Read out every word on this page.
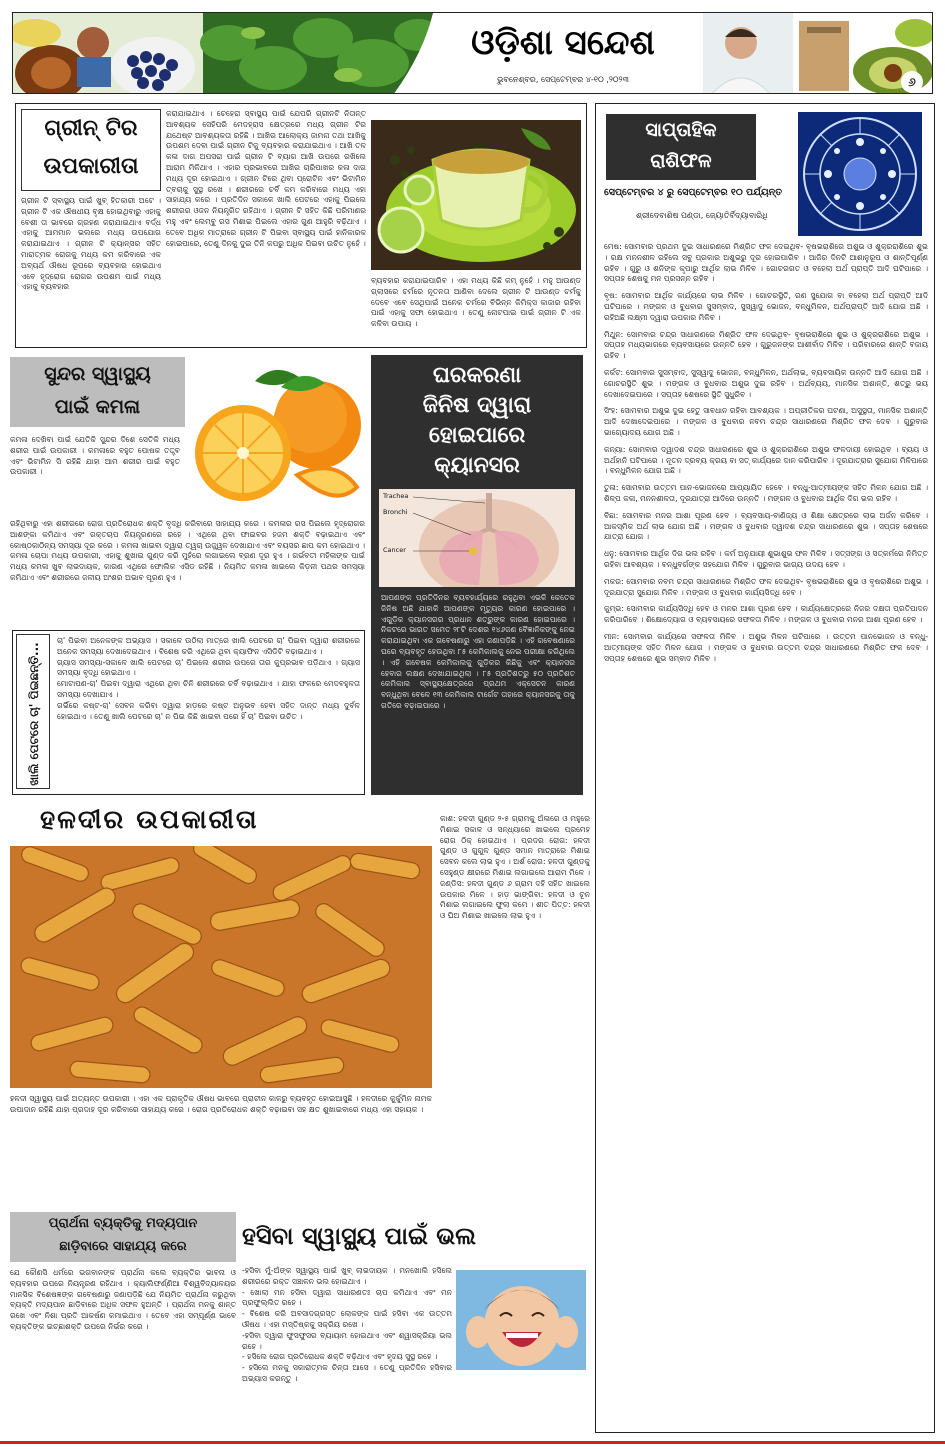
ଓଡ଼ିଶା ସନ୍ଦେଶ
ଭୁବନେଶ୍ବର, ସେପ୍ଟେମ୍ବର ୪-୧୦ ,୨୦୨୩	୬
ଗ୍ରୀନ୍ ଟିର
ଉପକାରୀତା
ଗ୍ରୀନ ଟି ସ୍ବାସ୍ଥ୍ୟ ପାଇଁ ଖୁବ୍ ହିତକାରୀ ଅଟେ । ଗ୍ରୀନ ଟି ଏକ ଔଷଧୀୟ ବୃକ୍ଷ ହୋଇଥିବାରୁ ଏହାକୁ ବେଶୀ ତା ଭାବରେ ଗ୍ରହଣ କରାଯାଇଥାଏ ବର୍ଦ୍ଧ ଏହାକୁ ଆମମାନ ଭଲରେ ମଧ୍ୟ ଉପଯୋଗ କରାଯାଇଥାଏ । ଗ୍ରୀନ ଟି କ୍ୟାନ୍ସର ସହିତ ମାରାତ୍ମକ ରୋଗକୁ ମଧ୍ୟ କମ କରିବାରେ ଏକ ଅବ୍ୟର୍ଥ ଔଷଧ ରୂପରେ ବ୍ୟବହାର ହୋଇଥାଏ ଏବେ ହୃଦ୍‌ରୋଗ ରୋଗର ଉପଶମ ପାଇଁ ମଧ୍ୟ ଏହାକୁ ବ୍ୟବହାର
କରାଯାଇଥାଏ । ଚେହେରା ସ୍ବାସ୍ଥ୍ୟ ପାଇଁ ଯେପରି ଗ୍ରୀନଟି ନିତାନ୍ତ ଆବଶ୍ୟକ ସେହିପରି ମେଦହ୍ରାସ କ୍ଷେତ୍ରରେ ମଧ୍ୟ ଗ୍ରୀନ ଟିର ଯଥେଷ୍ଟ ଆବଶ୍ୟକତା ରହିଛି । ଆଖିର ଆଲୋକ୍ୟ ଜାମନା ତଥା ଆଖିକୁ ଉପଶମ ଦେବା ପାଇଁ ଗ୍ରୀନ ଟିକୁ ବ୍ୟବହାର କରାଯାଇଥାଏ । ଆଖି ତଳ କଳା ଦାଗ ଅପସରା ପାଇଁ ଗ୍ରୀନ ଟି ବ୍ୟାଗ ଆଖି ଉପରେ ରଖିଲେ ଆରାମ ମିଳିଥାଏ । ଏହାର ପ୍ରଭାବରେ ଆଖିର ଚାରିପାଖର କଳା ଦାଗ ମଧ୍ୟ ଦୂର ହୋଇଥାଏ । ଗ୍ରୀନ ଟିରେ ଥିବା ପ୍ରୋଟିନ ଏବଂ ଭିଟାମିନ ତ୍ବଚାକୁ ସୁସ୍ଥ ରଖେ । ଶରୀରରେ ଚର୍ବି କମ କରିବାରେ ମଧ୍ୟ ଏହା ସାହାଯ୍ୟ କରେ । ପ୍ରତିଦିନ ସକାଳେ ଖାଲି ପେଟରେ ଏହାକୁ ପିଇଲେ ଶରୀରର ଓଜନ ନିୟନ୍ତ୍ରିତ ରହିଥାଏ । ଗ୍ରୀନ ଟି ସହିତ କିଛି ପରିମାଣର ମହୁ ଏବଂ ଲେମ୍ବୁ ରସ ମିଶାଇ ପିଇଲେ ଏହାର ଗୁଣ ଆହୁରି ବଢ଼ିଥାଏ । ତେବେ ଅଧିକ ମାତ୍ରାରେ ଗ୍ରୀନ ଟି ପିଇବା ସ୍ବାସ୍ଥ୍ୟ ପାଇଁ ହାନିକାରକ ହୋଇପାରେ, ତେଣୁ ଦିନକୁ ଦୁଇ ତିନି କପରୁ ଅଧିକ ପିଇବା ଉଚିତ ନୁହେଁ ।
ବ୍ୟବହାର କରାଯାଇପାରିବ । ଏହା ମଧ୍ୟ କିଛି କମ୍ ନୁହେଁ । ମହୁ ଆଉଣ୍ଡ ଗ୍ଲାସରେ ଚର୍ମରେ ନୂତନତା ଆଣିବା ଦେଲେ ଗ୍ରୀନ ଟି ଆଉଣ୍ଡ ଚର୍ମକୁ ଦେବେ ଏବେ ସେଥିପାଇଁ ଅନେକ ଚର୍ମରେ ବିଭିନ୍ନ କିମିକ୍ସ କାଜାର ରହିବା ପାଇଁ ଏହାକୁ ସଫା ହୋଇଥାଏ । ତେଣୁ ନୋଟପାଇ ପାଇଁ ଗ୍ରୀନ ଟି ଏକ କଳିବା ଉପାୟ ।
ସୁନ୍ଦର ସ୍ୱାସ୍ଥ୍ୟ
ପାଇଁ କମଳା
କମଳା ଦେଖିବା ପାଇଁ ଯେତିକି ସୁନ୍ଦର ଦିଶେ ସେତିକି ମଧ୍ୟ ଶରୀର ପାଇଁ ଉପକାରୀ । କମଳାରେ ବହୁତ ପୋଷକ ତତ୍ତ୍ବ ଏବଂ ଭିଟାମିନ ସି ରହିଛି ଯାହା ଆମ ଶରୀର ପାଇଁ ବହୁତ ଉପକାରୀ ।
ରହିଥିବାରୁ ଏହା ଶରୀରରେ ରୋଗ ପ୍ରତିରୋଧକ ଶକ୍ତି ବୃଦ୍ଧି କରିବାରେ ସାହାଯ୍ୟ କରେ । କମଳାର ରସ ପିଇଲେ ହୃଦ୍‌ରୋଗର ଆଶଙ୍କା କମିଥାଏ ଏବଂ ରକ୍ତଚାପ ନିୟନ୍ତ୍ରଣରେ ରହେ । ଏଥିରେ ଥିବା ଫାଇବର ହଜମ ଶକ୍ତି ବଢ଼ାଇଥାଏ ଏବଂ କୋଷ୍ଠକାଠିନ୍ୟ ସମସ୍ୟା ଦୂର କରେ । କମଳା ଖାଇବା ଦ୍ୱାରା ତ୍ୱଚା ଉଜ୍ଜ୍ୱଳ ଦେଖାଯାଏ ଏବଂ ବୟସର ଛାପ କମ ହୋଇଥାଏ । କମଳା ଚୋପା ମଧ୍ୟ ଉପକାରୀ, ଏହାକୁ ଶୁଖାଇ ଗୁଣ୍ଡ କରି ମୁହଁରେ ଲଗାଇଲେ ବ୍ରଣ ଦୂର ହୁଏ । ଗର୍ଭବତୀ ମହିଳାଙ୍କ ପାଇଁ ମଧ୍ୟ କମଳା ଖୁବ ଲାଭଦାୟକ, କାରଣ ଏଥିରେ ଫୋଲିକ ଏସିଡ ରହିଛି । ନିୟମିତ କମଳା ଖାଇଲେ କିଡ଼ନୀ ପଥର ସମସ୍ୟା କମିଥାଏ ଏବଂ ଶରୀରରେ ଜଳୀୟ ଅଂଶର ଅଭାବ ପୂରଣ ହୁଏ ।
ଖାଲି ପେଟରେ ଚା' ପିଇଛନ୍ତି...
ଚା' ପିଇବା ଅନେକଙ୍କ ଅଭ୍ୟାସ । ସକାଳେ ଉଠିଲା ମାତ୍ରେ ଖାଲି ପେଟରେ ଚା' ପିଇବା ଦ୍ୱାରା ଶରୀରରେ ଅନେକ ସମସ୍ୟା ଦେଖାଦେଇଥାଏ । ବିଶେଷ କରି ଏଥିରେ ଥିବା କ୍ୟାଫିନ ଏସିଡିଟି ବଢ଼ାଇଥାଏ ।
ଗ୍ୟାସ ସମସ୍ୟା-ସକାଳେ ଖାଲି ପେଟରେ ଚା' ପିଇଲେ ଶରୀର ଉପରେ ତାର କୁପ୍ରଭାବ ପଡ଼ିଥାଏ । ଗ୍ୟାସ ସମସ୍ୟା ବୃଦ୍ଧି ହୋଇଥାଏ ।
ମୋଟାପଣ-ଚା' ପିଇବା ଦ୍ୱାରା ଏଥିରେ ଥିବା ଚିନି ଶରୀରରେ ଚର୍ବି ବଢ଼ାଇଥାଏ । ଯାହା ଫଳରେ ମେଦବହୁଳତା ସମସ୍ୟା ଦେଖାଯାଏ ।
ଗର୍ଭିରେ କଷ୍ଟ-ଚା' ସେବନ କରିବା ଦ୍ୱାରା ହାଡ଼ରେ କଷ୍ଟ ଅନୁଭବ ହେବା ସହିତ ଦାନ୍ତ ମଧ୍ୟ ଦୁର୍ବଳ ହୋଇଥାଏ । ତେଣୁ ଖାଲି ପେଟରେ ଚା' ନ ପିଇ କିଛି ଖାଇବା ପରେ ହିଁ ଚା' ପିଇବା ଉଚିତ ।
ଘରକରଣା
ଜିନିଷ ଦ୍ୱାରା
ହୋଇପାରେ
କ୍ୟାନସର
Trachea
Bronchi
Cancer
ଆପଣଙ୍କ ପ୍ରତିଦିନର ବ୍ୟବହାର୍ଯ୍ୟରେ ରହୁଥିବା ଏଭଳି କେତେକ ଜିନିଷ ଅଛି ଯାହାକି ଆପଣଙ୍କ ମୃତ୍ୟୁର କାରଣ ହୋଇପାରେ । ଏଗୁଡ଼ିକ କ୍ୟାନସରର ପ୍ରଧାନ ଶତ୍ରୁଙ୍କ କାରଣ ହୋଇପାରେ । ନିକଟରେ ଭାରତ ସମେତ ୨୮ଟି ଦେଶର ୧୪୬ଜଣ ବୈଜ୍ଞାନିକଙ୍କୁ ନେଇ କରାଯାଇଥିବା ଏକ ଗବେଷଣାରୁ ଏହା ଜଣାପଡ଼ିଛି । ଏହି ଗବେଷଣାରେ ଘରେ ବ୍ୟବହୃତ ହେଉଥିବା ୮୫ କେମିକାଲକୁ ନେଇ ପରୀକ୍ଷା କରିଥିଲେ । ଏହି ଗବେଷକ କେମିକାଲକୁ ଗୁଡ଼ିକର କିଛିକୁ ଏବଂ କ୍ୟାନସର ହେବାର ଲକ୍ଷଣ ଦେଖାଯାଇଥିଲା । ୮୫ ପ୍ରତିଶତରୁ ୫୦ ପ୍ରତିଶତ କେମିକାଲ ସ୍ବାସ୍ଥ୍ୟକ୍ଷେତ୍ରରେ ପ୍ରଥମ ଏକ୍ସେଚନ କାରଣ ବନ୍ଧୁଥିବା ବେଳେ ୧୩ କେମିକାଲ ଟାର୍ଗେଟ ତାହାରେ କ୍ୟାନସରକୁ ତାକୁ ଗତିରେ ବଢ଼ାଇପାରେ ।
ସାପ୍ତାହିକ
ରାଶିଫଳ
ସେପ୍ଟେମ୍ବର ୪ ରୁ ସେପ୍ଟେମ୍ବର ୧୦ ପର୍ଯ୍ୟନ୍ତ
ଶ୍ରୀଦେବାଶିଷ ପଣ୍ଡା, ଜ୍ୟୋତିର୍ବିଦ୍ୟାବାରିଧି

ମେଷ: ସୋମବାର ପ୍ରଥମ ଦୁଇ ସାଧାରଣରେ ମିଶ୍ରିତ ଫଳ ଦେଇଥିବ- ବୃଷଭରାଶିରେ ଅଶୁଭ ଓ ଶୁକ୍ରରାଶିରେ ଶୁଭ । ରକ୍ଷ ମନନଶୀଳ ରହିଲେ ସବୁ ପ୍ରକାର ଅଶୁଭରୁ ଦୂର ହୋଇପାରିବ । ଆଜିର ଦିନଟି ଆଶାନୁରୂପ ଓ ଶାନ୍ତିପୂର୍ଣ୍ଣ ରହିବ । ଗୁରୁ ଓ ଶନିଙ୍କ କୃପାରୁ ଆର୍ଥିକ ଲାଭ ମିଳିବ । ଗୋଚରଗତ ଓ ବହେଲା ଅର୍ଥ ପ୍ରାପ୍ତି ଆଦି ଘଟିପାରେ । ସପ୍ତାହ ଶେଷକୁ ମନ ପ୍ରସନ୍ନ ରହିବ ।

ବୃଷ: ସୋମବାର ଆର୍ଥିକ କାର୍ଯ୍ୟରେ ଲାଭ ମିଳିବ । ଗୋଚରସ୍ଥିତି, ରଣ ସୁଯୋଗ ବା ବହେଲା ଅର୍ଥ ପ୍ରାପ୍ତି ଆଦି ଘଟିପାରେ । ମଙ୍ଗଳ ଓ ବୁଧବାର ସୁସମ୍ବାଦ, ସୁସ୍ୱାଦୁ ଭୋଜନ, ବନ୍ଧୁମିଳନ, ଅର୍ଥପ୍ରାପ୍ତି ଆଦି ଯୋଗ ଅଛି । ରହିଅଛି ଲକ୍ଷ୍ମୀ ଦ୍ୱାରା ଉପକାର ମିଳିବ ।

ମିଥୁନ: ସୋମବାର ଚନ୍ଦ୍ର ସାଧାରଣରେ ମିଶ୍ରିତ ଫଳ ଦେଇଥିବ- ବୃଷଭରାଶିରେ ଶୁଭ ଓ ଶୁକ୍ରରାଶିରେ ଅଶୁଭ । ସପ୍ତାହ ମଧ୍ୟଭାଗରେ ବ୍ୟବସାୟରେ ଉନ୍ନତି ହେବ । ଗୁରୁଜନଙ୍କ ଆଶୀର୍ବାଦ ମିଳିବ । ପରିବାରରେ ଶାନ୍ତି ବଜାୟ ରହିବ ।

କର୍କଟ: ସୋମବାର ସୁସମ୍ବାଦ, ସୁସ୍ୱାଦୁ ଭୋଜନ, ବନ୍ଧୁମିଳନ, ଅର୍ଥଲାଭ, ବ୍ୟବସାୟିକ ଉନ୍ନତି ଆଦି ଯୋଗ ଅଛି । ଗୋଚରସ୍ଥିତି ଶୁଭ । ମଙ୍ଗଳ ଓ ବୁଧବାର ଅଶୁଭ ଦୁଇ ରହିବ । ଅର୍ଥବ୍ୟୟ, ମାନସିକ ଅଶାନ୍ତି, ଶତ୍ରୁ ଭୟ ଦେଖାଦେଇପାରେ । ସପ୍ତାହ ଶେଷରେ ସ୍ଥିତି ସୁଧୁରିବ ।

ସିଂହ: ସୋମବାର ଅଶୁଭ ଦୁଇ ହେତୁ ସାବଧାନ ରହିବା ଆବଶ୍ୟକ । ଅପ୍ରୀତିକର ଘଟଣା, ଅସୁସ୍ଥତା, ମାନସିକ ଅଶାନ୍ତି ଆଦି ଦେଖାଦେଇପାରେ । ମଙ୍ଗଳ ଓ ବୁଧବାର ନବମ ଚନ୍ଦ୍ର ସାଧାରଣରେ ମିଶ୍ରିତ ଫଳ ଦେବ । ଗୁରୁବାର ଭାଗ୍ୟୋଦୟ ଯୋଗ ଅଛି ।

କନ୍ୟା: ସୋମବାର ଦ୍ୱାଦଶ ଚନ୍ଦ୍ର ସାଧାରଣରେ ଶୁଭ ଓ ଶୁକ୍ରରାଶିରେ ଅଶୁଭ ଫଳଦାୟୀ ହୋଇଥିବ । ବ୍ୟୟ ଓ ଅର୍ଥହାନି ଘଟିପାରେ । ନୂତନ ଦ୍ରବ୍ୟ କ୍ରୟ ବା ସତ୍ କାର୍ଯ୍ୟରେ ଦାନ କରିପାରିବ । ଦୂରଯାତ୍ରାର ସୁଯୋଗ ମିଳିପାରେ । ବନ୍ଧୁମିଳନ ଯୋଗ ଅଛି ।

ତୁଳା: ସୋମବାର ଉତ୍ତମ ପାନ-ଭୋଜନରେ ଆପ୍ୟାୟିତ ହେବେ । ବନ୍ଧୁ-ଆତ୍ମୀୟଙ୍କ ସହିତ ମିଳନ ଯୋଗ ଅଛି । ଶିଳ୍ପ କଳା, ମନନଶୀଳତା, ଦୂରଯାତ୍ରା ଆଦିରେ ଉନ୍ନତି । ମଙ୍ଗଳ ଓ ବୁଧବାର ଆର୍ଥିକ ଦିଗ ଭଲ ରହିବ ।

ବିଛା: ସୋମବାର ମନର ଆଶା ପୂରଣ ହେବ । ବ୍ୟବସାୟ-ବାଣିଜ୍ୟ ଓ ଶିକ୍ଷା କ୍ଷେତ୍ରରେ ଲାଭ ଅର୍ଜନ କରିବେ । ଆକସ୍ମିକ ଅର୍ଥ ଲାଭ ଯୋଗ ଅଛି । ମଙ୍ଗଳ ଓ ବୁଧବାର ଦ୍ୱାଦଶ ଚନ୍ଦ୍ର ସାଧାରଣରେ ଶୁଭ । ସପ୍ତାହ ଶେଷରେ ଯାତ୍ରା ଯୋଗ ।

ଧନୁ: ସୋମବାର ଆର୍ଥିକ ଦିଗ ଭଲ ରହିବ । କର୍ମ ଅନୁଯାୟୀ ଶୁଭାଶୁଭ ଫଳ ମିଳିବ । ସତ୍‌ସଙ୍ଗ ଓ ସତ୍‌କର୍ମରେ ନିମିତ୍ତ ରହିବା ଆବଶ୍ୟକ । ବନ୍ଧୁବର୍ଗଙ୍କ ସହଯୋଗ ମିଳିବ । ଗୁରୁବାର ଭାଗ୍ୟ ଉଦୟ ହେବ ।

ମକର: ସୋମବାର ନବମ ଚନ୍ଦ୍ର ସାଧାରଣରେ ମିଶ୍ରିତ ଫଳ ଦେଇଥିବ- ବୃଷଭରାଶିରେ ଶୁଭ ଓ ବୃଷରାଶିରେ ଅଶୁଭ । ଦୂରଯାତ୍ରା ସୁଯୋଗ ମିଳିବ । ମଙ୍ଗଳ ଓ ବୁଧବାର କାର୍ଯ୍ୟସିଦ୍ଧି ହେବ ।

କୁମ୍ଭ: ସୋମବାର କାର୍ଯ୍ୟସିଦ୍ଧି ହେବ ଓ ମନର ଆଶା ପୂରଣ ହେବ । କାର୍ଯ୍ୟକ୍ଷେତ୍ରରେ ନିଜର ଦକ୍ଷତା ପ୍ରତିପାଦନ କରିପାରିବେ । ଶିକ୍ଷୋଦ୍ୟୋଗ ଓ ବ୍ୟବସାୟରେ ସଫଳତା ମିଳିବ । ମଙ୍ଗଳ ଓ ବୁଧବାର ମନର ଆଶା ପୂରଣ ହେବ ।

ମୀନ: ସୋମବାର କାର୍ଯ୍ୟରେ ସଫଳତା ମିଳିବ । ଅଶୁଭ ମିଳନ ଘଟିପାରେ । ଉତ୍ତମ ପାନଭୋଜନ ଓ ବନ୍ଧୁ-ଆତ୍ମୀୟଙ୍କ ସହିତ ମିଳନ ଯୋଗ । ମଙ୍ଗଳ ଓ ବୁଧବାର ଉତ୍ତମ ଚନ୍ଦ୍ର ସାଧାରଣରେ ମିଶ୍ରିତ ଫଳ ଦେବ । ସପ୍ତାହ ଶେଷରେ ଶୁଭ ସମ୍ବାଦ ମିଳିବ ।

ହଳଦୀର ଉପକାରୀତା
ହଳଦୀ ସ୍ୱାସ୍ଥ୍ୟ ପାଇଁ ଅତ୍ୟନ୍ତ ଉପକାରୀ । ଏହା ଏକ ପ୍ରାକୃତିକ ଔଷଧ ଭାବରେ ପ୍ରାଚୀନ କାଳରୁ ବ୍ୟବହୃତ ହୋଇଆସୁଛି । ହଳଦୀରେ କୁର୍କୁମିନ ନାମକ ଉପାଦାନ ରହିଛି ଯାହା ପ୍ରଦାହ ଦୂର କରିବାରେ ସାହାଯ୍ୟ କରେ । ରୋଗ ପ୍ରତିରୋଧକ ଶକ୍ତି ବଢ଼ାଇବା ସହ କ୍ଷତ ଶୁଖାଇବାରେ ମଧ୍ୟ ଏହା ସହାୟକ ।
କାଶ: ହଳଦୀ ଗୁଣ୍ଡ ୨-୫ ଗ୍ରାମକୁ ଅଁଳାରେ ଓ ମହୁରେ ମିଶାଇ ସକାଳ ଓ ସନ୍ଧ୍ୟାରେ ଖାଇଲେ ପ୍ରମେହ ରୋଗ ଠିକ୍ ହୋଇଥାଏ । ପ୍ରଦର ରୋଗ: ହଳଦୀ ଗୁଣ୍ଡ ଓ ଗୁଗୁଳ ଗୁଣ୍ଡ ସମାନ ମାତ୍ରାରେ ମିଶାଇ ସେବନ କଲେ ଲାଭ ହୁଏ । ଅର୍ଶ ରୋଗ: ହଳଦୀ ଗୁଣ୍ଡକୁ ସେହୁଣ୍ଡ କ୍ଷୀରରେ ମିଶାଇ ଲଗାଇଲେ ଆରାମ ମିଳେ । ଜଣ୍ଡିସ: ହଳଦୀ ଗୁଣ୍ଡ ୬ ଗ୍ରାମ ଦହି ସହିତ ଖାଇଲେ ଉପକାର ମିଳେ । ହାଡ଼ ଭାଙ୍ଗିବା: ହଳଦୀ ଓ ଚୂନ ମିଶାଇ ଲଗାଇଲେ ଫୁଲା କମେ । ଶୀତ ପିତ୍ତ: ହଳଦୀ ଓ ଘିଅ ମିଶାଇ ଖାଇଲେ ଲାଭ ହୁଏ ।
ପ୍ରାର୍ଥନା ବ୍ୟକ୍ତିକୁ ମଦ୍ୟପାନ
ଛାଡ଼ିବାରେ ସାହାଯ୍ୟ କରେ
ଯେ କୌଣସି ଧର୍ମରେ ଭଗବାନଙ୍କ ପ୍ରାର୍ଥନା କଲେ ବ୍ୟକ୍ତିର ଭାବନା ଓ ବ୍ୟବହାର ଉପରେ ନିୟନ୍ତ୍ରଣ ରହିଥାଏ । କ୍ୟାଲିଫର୍ଣ୍ଣିଆ ବିଶ୍ୱବିଦ୍ୟାଳୟର ମାନସିକ ବିଶେଷଜ୍ଞଙ୍କ ଗବେଷଣାରୁ ଜଣାପଡ଼ିଛି ଯେ ନିୟମିତ ପ୍ରାର୍ଥନା କରୁଥିବା ବ୍ୟକ୍ତି ମଦ୍ୟପାନ ଛାଡ଼ିବାରେ ଅଧିକ ସଫଳ ହୁଅନ୍ତି । ପ୍ରାର୍ଥନା ମନକୁ ଶାନ୍ତ ରଖେ ଏବଂ ନିଶା ପ୍ରତି ଆକର୍ଷଣ କମାଇଥାଏ । ତେବେ ଏହା ସମ୍ପୂର୍ଣ୍ଣ ଭାବେ ବ୍ୟକ୍ତିଙ୍କ ଇଚ୍ଛାଶକ୍ତି ଉପରେ ନିର୍ଭର କରେ ।
ହସିବା ସ୍ୱାସ୍ଥ୍ୟ ପାଇଁ ଭଲ
-ହସିବା ମୁଁ-ଅଁଙ୍କ ସ୍ୱାସ୍ଥ୍ୟ ପାଇଁ ଖୁବ୍ ଲାଭଦାୟକ । ମନଖୋଲି ହସିଲେ ଶରୀରରେ ରକ୍ତ ସଞ୍ଚାଳନ ଭଲ ହୋଇଥାଏ ।
- ଖୋଲା ମନ ହସିବା ଦ୍ୱାରା ସାଧାରଣତଃ ଚାପ କମିଥାଏ ଏବଂ ମନ ପ୍ରଫୁଲ୍ଲିତ ରହେ ।
- ବିଶେଷ କରି ଅବସାଦଗ୍ରସ୍ତ ଲୋକଙ୍କ ପାଇଁ ହସିବା ଏକ ଉତ୍ତମ ଔଷଧ । ଏହା ମସ୍ତିଷ୍କକୁ ସକ୍ରିୟ ରଖେ ।
-ହସିବା ଦ୍ୱାରା ଫୁସଫୁସର ବ୍ୟାୟାମ ହୋଇଥାଏ ଏବଂ ଶ୍ୱାସକ୍ରିୟା ଭଲ ରହେ ।
- ହସିଲେ ରୋଗ ପ୍ରତିରୋଧକ ଶକ୍ତି ବଢ଼ିଥାଏ ଏବଂ ହୃଦୟ ସୁସ୍ଥ ରହେ ।
- ହସିଲେ ମନକୁ ସକାରାତ୍ମକ ଚିନ୍ତା ଆସେ । ତେଣୁ ପ୍ରତିଦିନ ହସିବାର ଅଭ୍ୟାସ କରନ୍ତୁ ।
